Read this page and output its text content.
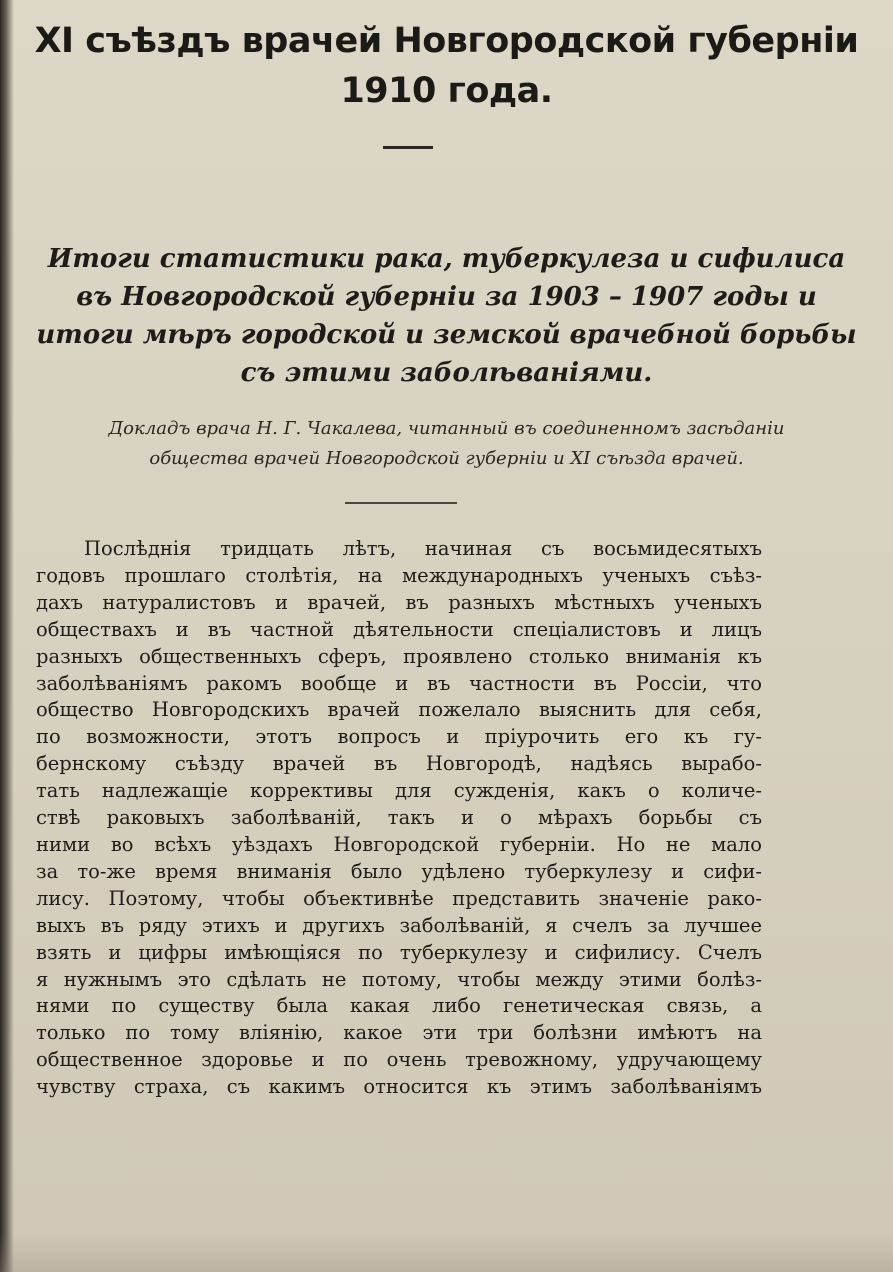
XI съѣздъ врачей Новгородской губерніи
1910 года.
Итоги статистики рака, туберкулеза и сифилиса
въ Новгородской губерніи за 1903 – 1907 годы и
итоги мѣръ городской и земской врачебной борьбы
съ этими заболѣваніями.
Докладъ врача Н. Г. Чакалева, читанный въ соединенномъ засѣданіи
общества врачей Новгородской губерніи и XI съѣзда врачей.
Послѣднія тридцать лѣтъ, начиная съ восьмидесятыхъ
годовъ прошлаго столѣтія, на международныхъ ученыхъ съѣз-
дахъ натуралистовъ и врачей, въ разныхъ мѣстныхъ ученыхъ
обществахъ и въ частной дѣятельности спеціалистовъ и лицъ
разныхъ общественныхъ сферъ, проявлено столько вниманія къ
заболѣваніямъ ракомъ вообще и въ частности въ Россіи, что
общество Новгородскихъ врачей пожелало выяснить для себя,
по возможности, этотъ вопросъ и пріурочить его къ гу-
бернскому съѣзду врачей въ Новгородѣ, надѣясь вырабо-
тать надлежащіе коррективы для сужденія, какъ о количе-
ствѣ раковыхъ заболѣваній, такъ и о мѣрахъ борьбы съ
ними во всѣхъ уѣздахъ Новгородской губерніи. Но не мало
за то-же время вниманія было удѣлено туберкулезу и сифи-
лису. Поэтому, чтобы объективнѣе представить значеніе рако-
выхъ въ ряду этихъ и другихъ заболѣваній, я счелъ за лучшее
взять и цифры имѣющіяся по туберкулезу и сифилису. Счелъ
я нужнымъ это сдѣлать не потому, чтобы между этими болѣз-
нями по существу была какая либо генетическая связь, а
только по тому вліянію, какое эти три болѣзни имѣютъ на
общественное здоровье и по очень тревожному, удручающему
чувству страха, съ какимъ относится къ этимъ заболѣваніямъ
